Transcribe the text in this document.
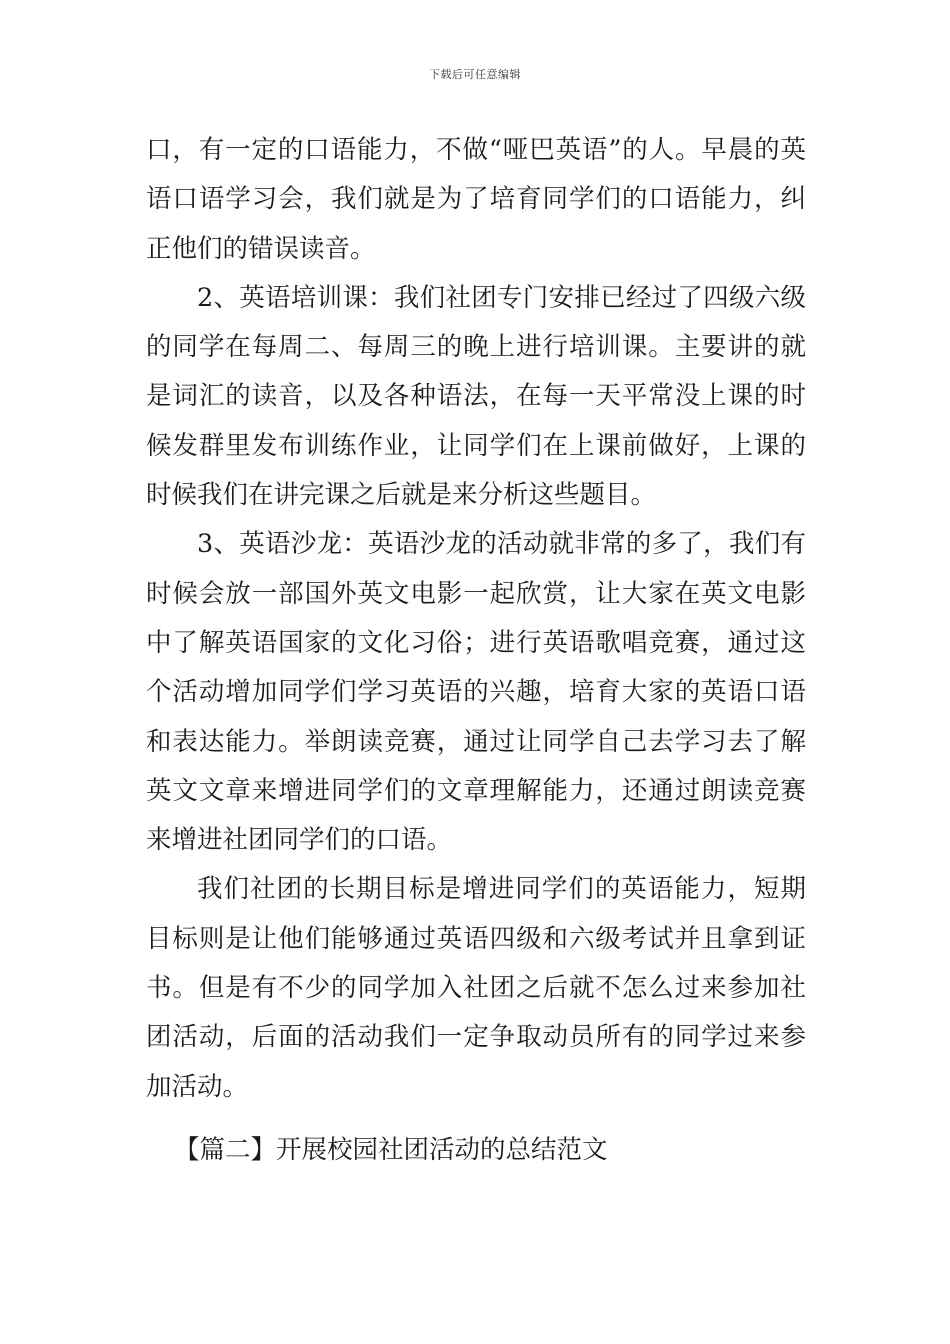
下载后可任意编辑

口，有一定的口语能力，不做“哑巴英语”的人。早晨的英语口语学习会，我们就是为了培育同学们的口语能力，纠正他们的错误读音。

2、英语培训课：我们社团专门安排已经过了四级六级的同学在每周二、每周三的晚上进行培训课。主要讲的就是词汇的读音，以及各种语法，在每一天平常没上课的时候发群里发布训练作业，让同学们在上课前做好，上课的时候我们在讲完课之后就是来分析这些题目。

3、英语沙龙：英语沙龙的活动就非常的多了，我们有时候会放一部国外英文电影一起欣赏，让大家在英文电影中了解英语国家的文化习俗；进行英语歌唱竞赛，通过这个活动增加同学们学习英语的兴趣，培育大家的英语口语和表达能力。举朗读竞赛，通过让同学自己去学习去了解英文文章来增进同学们的文章理解能力，还通过朗读竞赛来增进社团同学们的口语。

我们社团的长期目标是增进同学们的英语能力，短期目标则是让他们能够通过英语四级和六级考试并且拿到证书。但是有不少的同学加入社团之后就不怎么过来参加社团活动，后面的活动我们一定争取动员所有的同学过来参加活动。

【篇二】开展校园社团活动的总结范文
